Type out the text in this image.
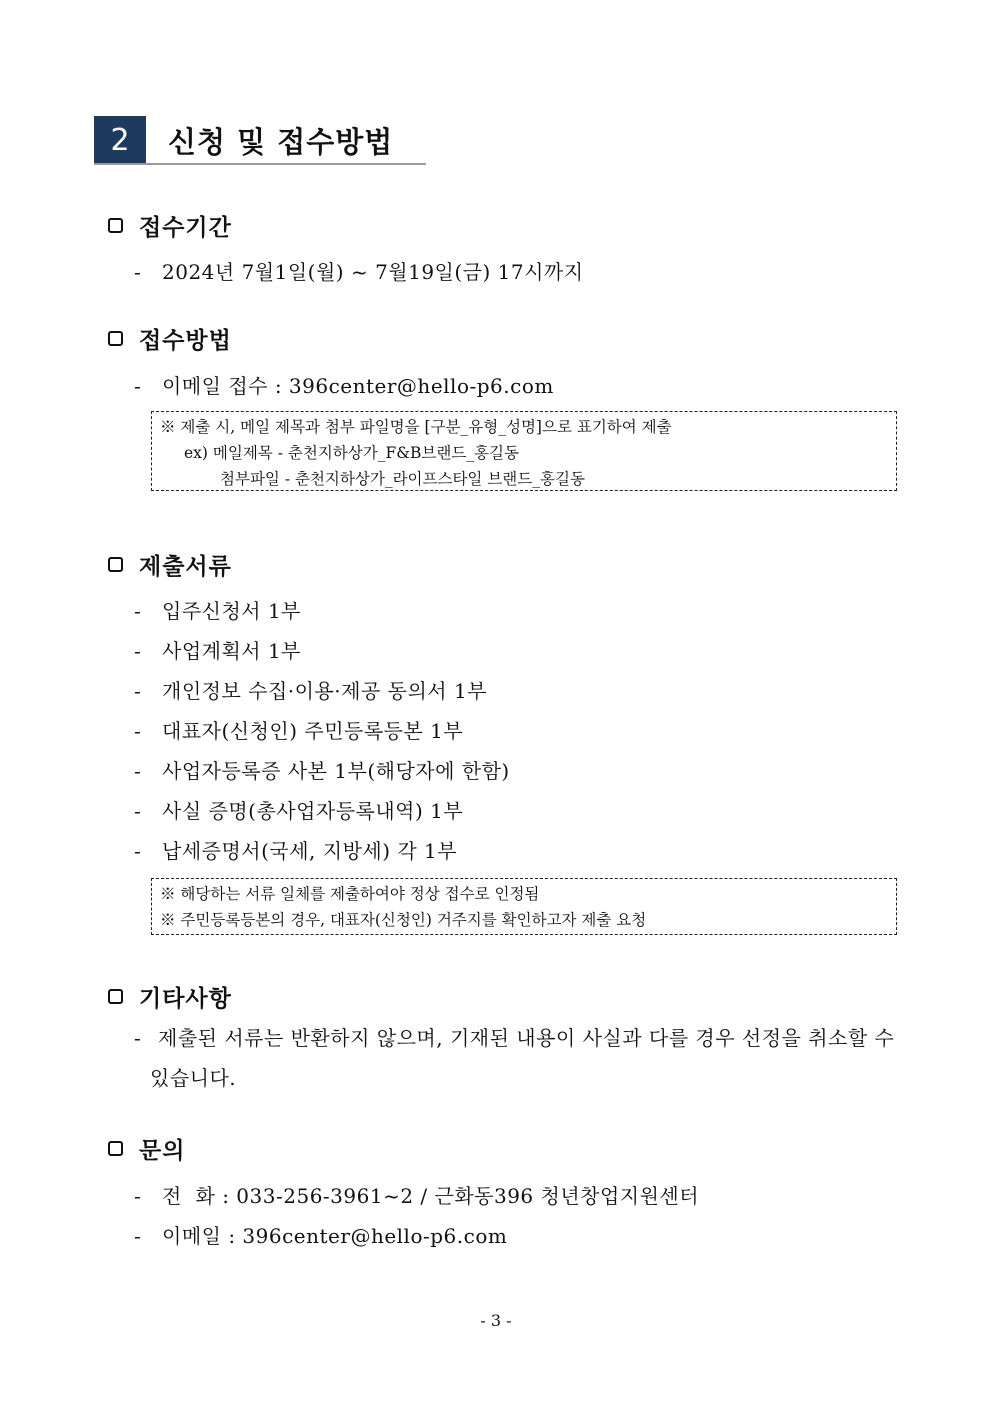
2	신청 및 접수방법
접수기간
- 2024년 7월1일(월) ~ 7월19일(금) 17시까지
접수방법
- 이메일 접수 : 396center@hello-p6.com
※ 제출 시, 메일 제목과 첨부 파일명을 [구분_유형_성명]으로 표기하여 제출
ex) 메일제목 - 춘천지하상가_F&B브랜드_홍길동
첨부파일 - 춘천지하상가_라이프스타일 브랜드_홍길동
제출서류
- 입주신청서 1부
- 사업계획서 1부
- 개인정보 수집·이용·제공 동의서 1부
- 대표자(신청인) 주민등록등본 1부
- 사업자등록증 사본 1부(해당자에 한함)
- 사실 증명(총사업자등록내역) 1부
- 납세증명서(국세, 지방세) 각 1부
※ 해당하는 서류 일체를 제출하여야 정상 접수로 인정됨
※ 주민등록등본의 경우, 대표자(신청인) 거주지를 확인하고자 제출 요청
기타사항
- 제출된 서류는 반환하지 않으며, 기재된 내용이 사실과 다를 경우 선정을 취소할 수
있습니다.
문의
- 전  화 : 033-256-3961~2 / 근화동396 청년창업지원센터
- 이메일 : 396center@hello-p6.com
- 3 -
